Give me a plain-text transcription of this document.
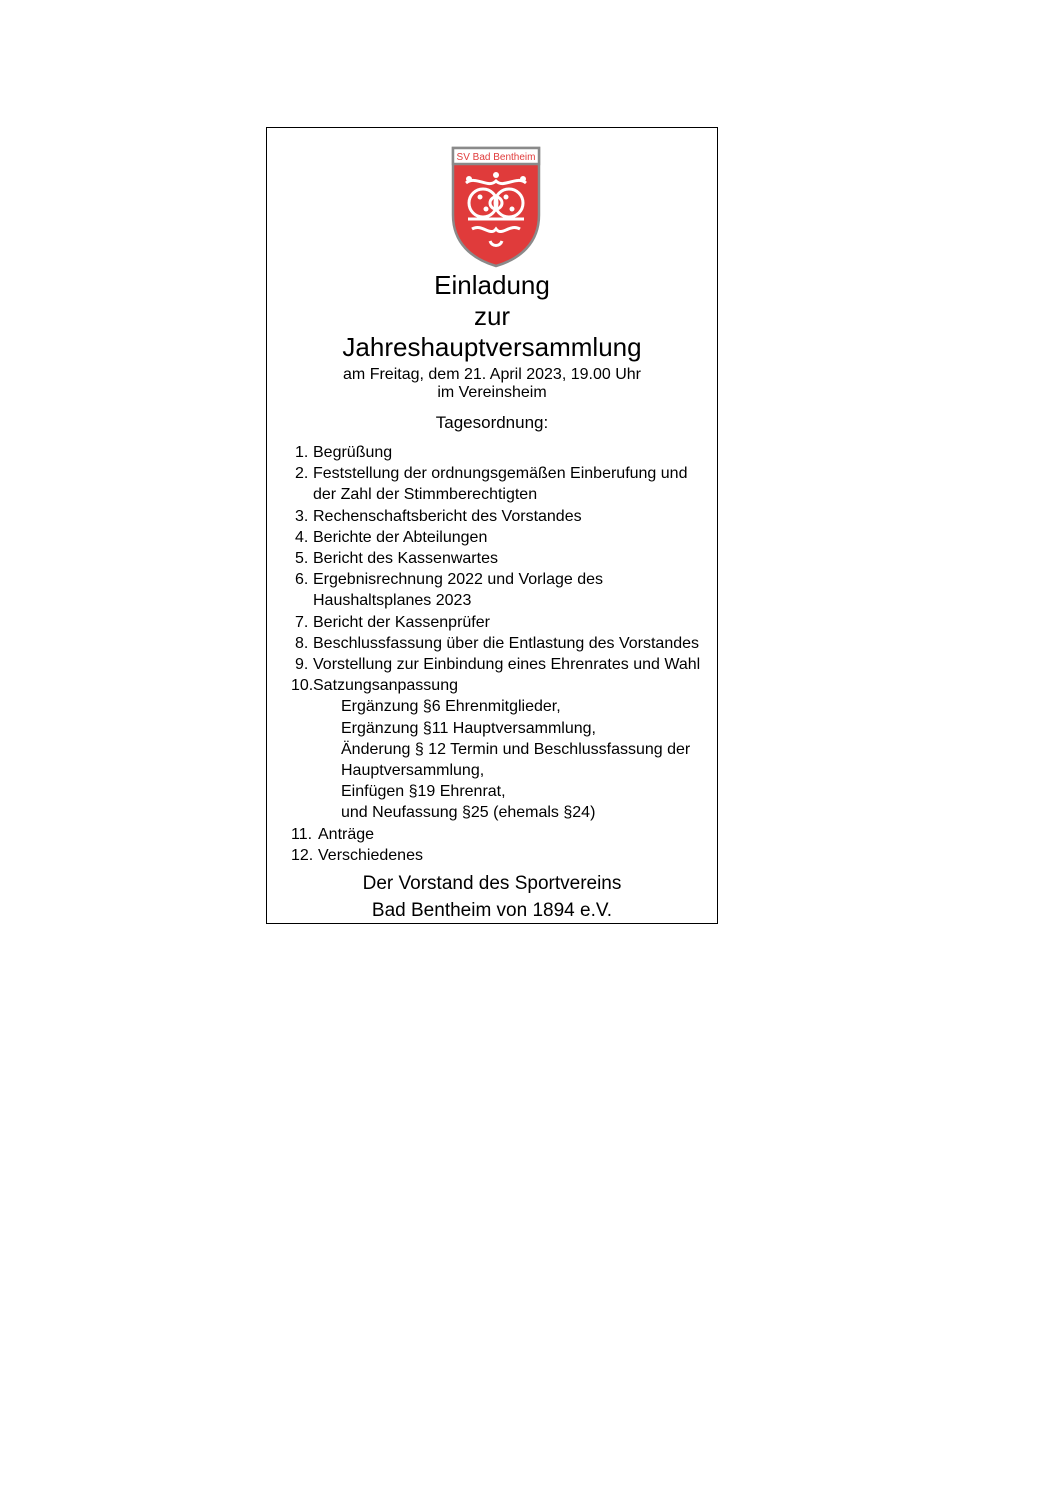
SV Bad Bentheim
Einladung
zur
Jahreshauptversammlung
am Freitag, dem 21. April 2023, 19.00 Uhr
im Vereinsheim
Tagesordnung:
1. Begrüßung
2. Feststellung der ordnungsgemäßen Einberufung und
der Zahl der Stimmberechtigten
3. Rechenschaftsbericht des Vorstandes
4. Berichte der Abteilungen
5. Bericht des Kassenwartes
6. Ergebnisrechnung 2022 und Vorlage des
Haushaltsplanes 2023
7. Bericht der Kassenprüfer
8. Beschlussfassung über die Entlastung des Vorstandes
9. Vorstellung zur Einbindung eines Ehrenrates und Wahl
10. Satzungsanpassung
Ergänzung §6 Ehrenmitglieder,
Ergänzung §11 Hauptversammlung,
Änderung § 12 Termin und Beschlussfassung der
Hauptversammlung,
Einfügen §19 Ehrenrat,
und Neufassung §25 (ehemals §24)
11. Anträge
12. Verschiedenes
Der Vorstand des Sportvereins
Bad Bentheim von 1894 e.V.
